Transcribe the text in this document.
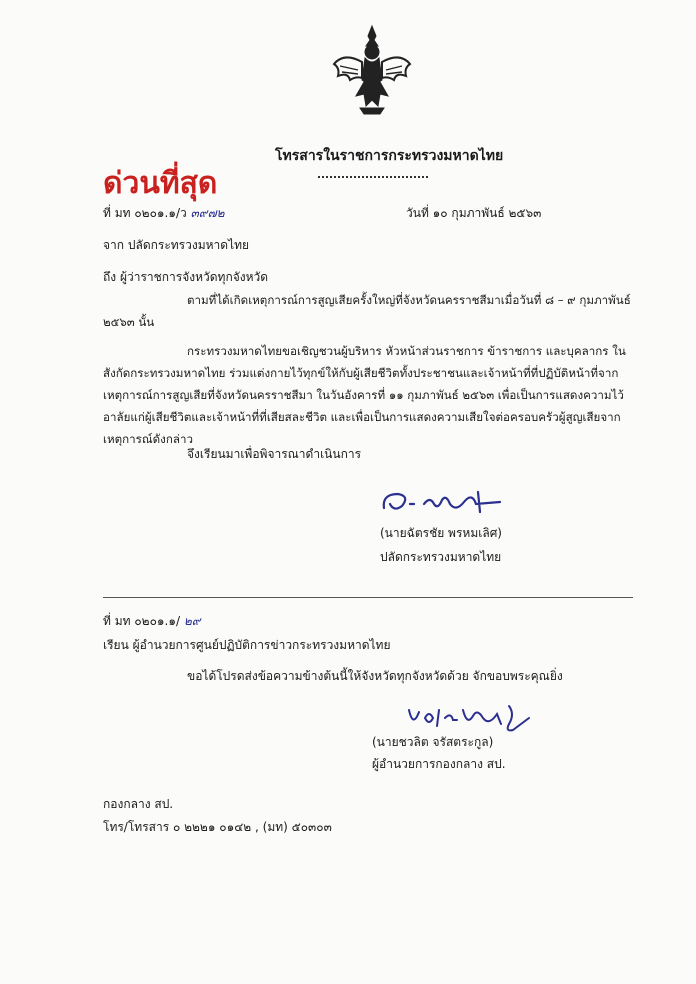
โทรสารในราชการกระทรวงมหาดไทย
ด่วนที่สุด
ที่ มท ๐๒๐๑.๑/ว ๓๙๗๒	วันที่ ๑๐ กุมภาพันธ์ ๒๕๖๓
จาก ปลัดกระทรวงมหาดไทย
ถึง ผู้ว่าราชการจังหวัดทุกจังหวัด
ตามที่ได้เกิดเหตุการณ์การสูญเสียครั้งใหญ่ที่จังหวัดนครราชสีมาเมื่อวันที่ ๘ – ๙ กุมภาพันธ์ ๒๕๖๓ นั้น
กระทรวงมหาดไทยขอเชิญชวนผู้บริหาร หัวหน้าส่วนราชการ ข้าราชการ และบุคลากร ในสังกัดกระทรวงมหาดไทย ร่วมแต่งกายไว้ทุกข์ให้กับผู้เสียชีวิตทั้งประชาชนและเจ้าหน้าที่ที่ปฏิบัติหน้าที่จาก เหตุการณ์การสูญเสียที่จังหวัดนครราชสีมา ในวันอังคารที่ ๑๑ กุมภาพันธ์ ๒๕๖๓ เพื่อเป็นการแสดงความไว้ อาลัยแก่ผู้เสียชีวิตและเจ้าหน้าที่ที่เสียสละชีวิต และเพื่อเป็นการแสดงความเสียใจต่อครอบครัวผู้สูญเสียจาก เหตุการณ์ดังกล่าว
จึงเรียนมาเพื่อพิจารณาดำเนินการ
(นายฉัตรชัย พรหมเลิศ)
ปลัดกระทรวงมหาดไทย
ที่ มท ๐๒๐๑.๑/ ๒๙
เรียน ผู้อำนวยการศูนย์ปฏิบัติการข่าวกระทรวงมหาดไทย
ขอได้โปรดส่งข้อความข้างต้นนี้ให้จังหวัดทุกจังหวัดด้วย จักขอบพระคุณยิ่ง
(นายชวลิต จรัสตระกูล)
ผู้อำนวยการกองกลาง สป.
กองกลาง สป.
โทร/โทรสาร ๐ ๒๒๒๑ ๐๑๔๒ , (มท) ๕๐๓๐๓
